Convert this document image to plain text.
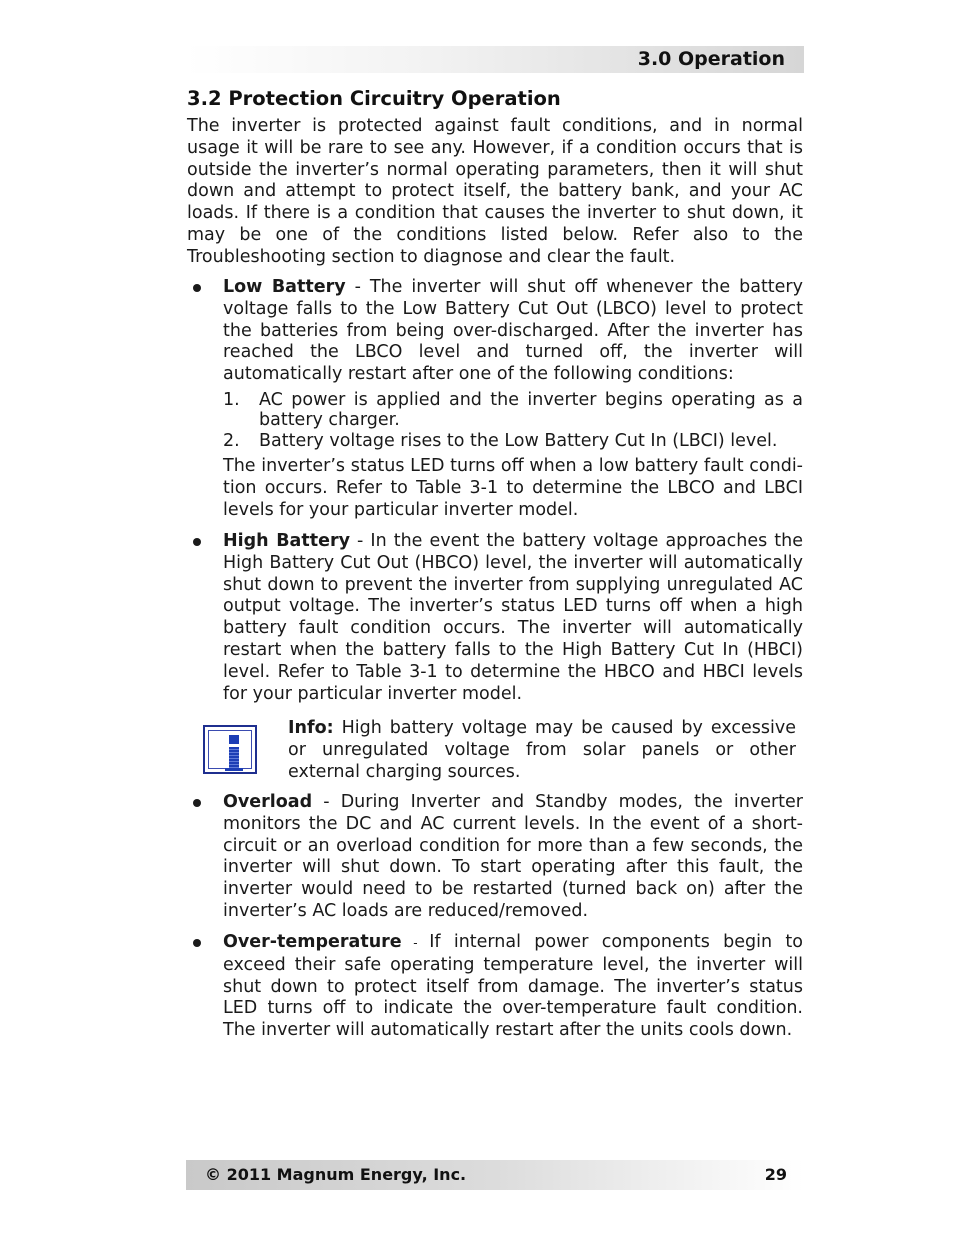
3.0 Operation
3.2 Protection Circuitry Operation

The inverter is protected against fault conditions, and in normal usage it will be rare to see any. However, if a condition occurs that is outside the inverter’s normal operating parameters, then it will shut down and attempt to protect itself, the battery bank, and your AC loads. If there is a condition that causes the inverter to shut down, it may be one of the conditions listed below. Refer also to the Troubleshooting section to diagnose and clear the fault.

Low Battery - The inverter will shut off whenever the battery voltage falls to the Low Battery Cut Out (LBCO) level to protect the batteries from being over-discharged. After the inverter has reached the LBCO level and turned off, the inverter will automatically restart after one of the following conditions:

1. AC power is applied and the inverter begins operating as a battery charger.
2. Battery voltage rises to the Low Battery Cut In (LBCI) level.

The inverter’s status LED turns off when a low battery fault condi-tion occurs. Refer to Table 3-1 to determine the LBCO and LBCI levels for your particular inverter model.

High Battery - In the event the battery voltage approaches the High Battery Cut Out (HBCO) level, the inverter will automatically shut down to prevent the inverter from supplying unregulated AC output voltage. The inverter’s status LED turns off when a high battery fault condition occurs. The inverter will automatically restart when the battery falls to the High Battery Cut In (HBCI) level. Refer to Table 3-1 to determine the HBCO and HBCI levels for your particular inverter model.

Info: High battery voltage may be caused by excessive or unregulated voltage from solar panels or other external charging sources.

Overload - During Inverter and Standby modes, the inverter monitors the DC and AC current levels. In the event of a short-circuit or an overload condition for more than a few seconds, the inverter will shut down. To start operating after this fault, the inverter would need to be restarted (turned back on) after the inverter’s AC loads are reduced/removed.

Over-temperature - If internal power components begin to exceed their safe operating temperature level, the inverter will shut down to protect itself from damage. The inverter’s status LED turns off to indicate the over-temperature fault condition. The inverter will automatically restart after the units cools down.

© 2011 Magnum Energy, Inc.	29
